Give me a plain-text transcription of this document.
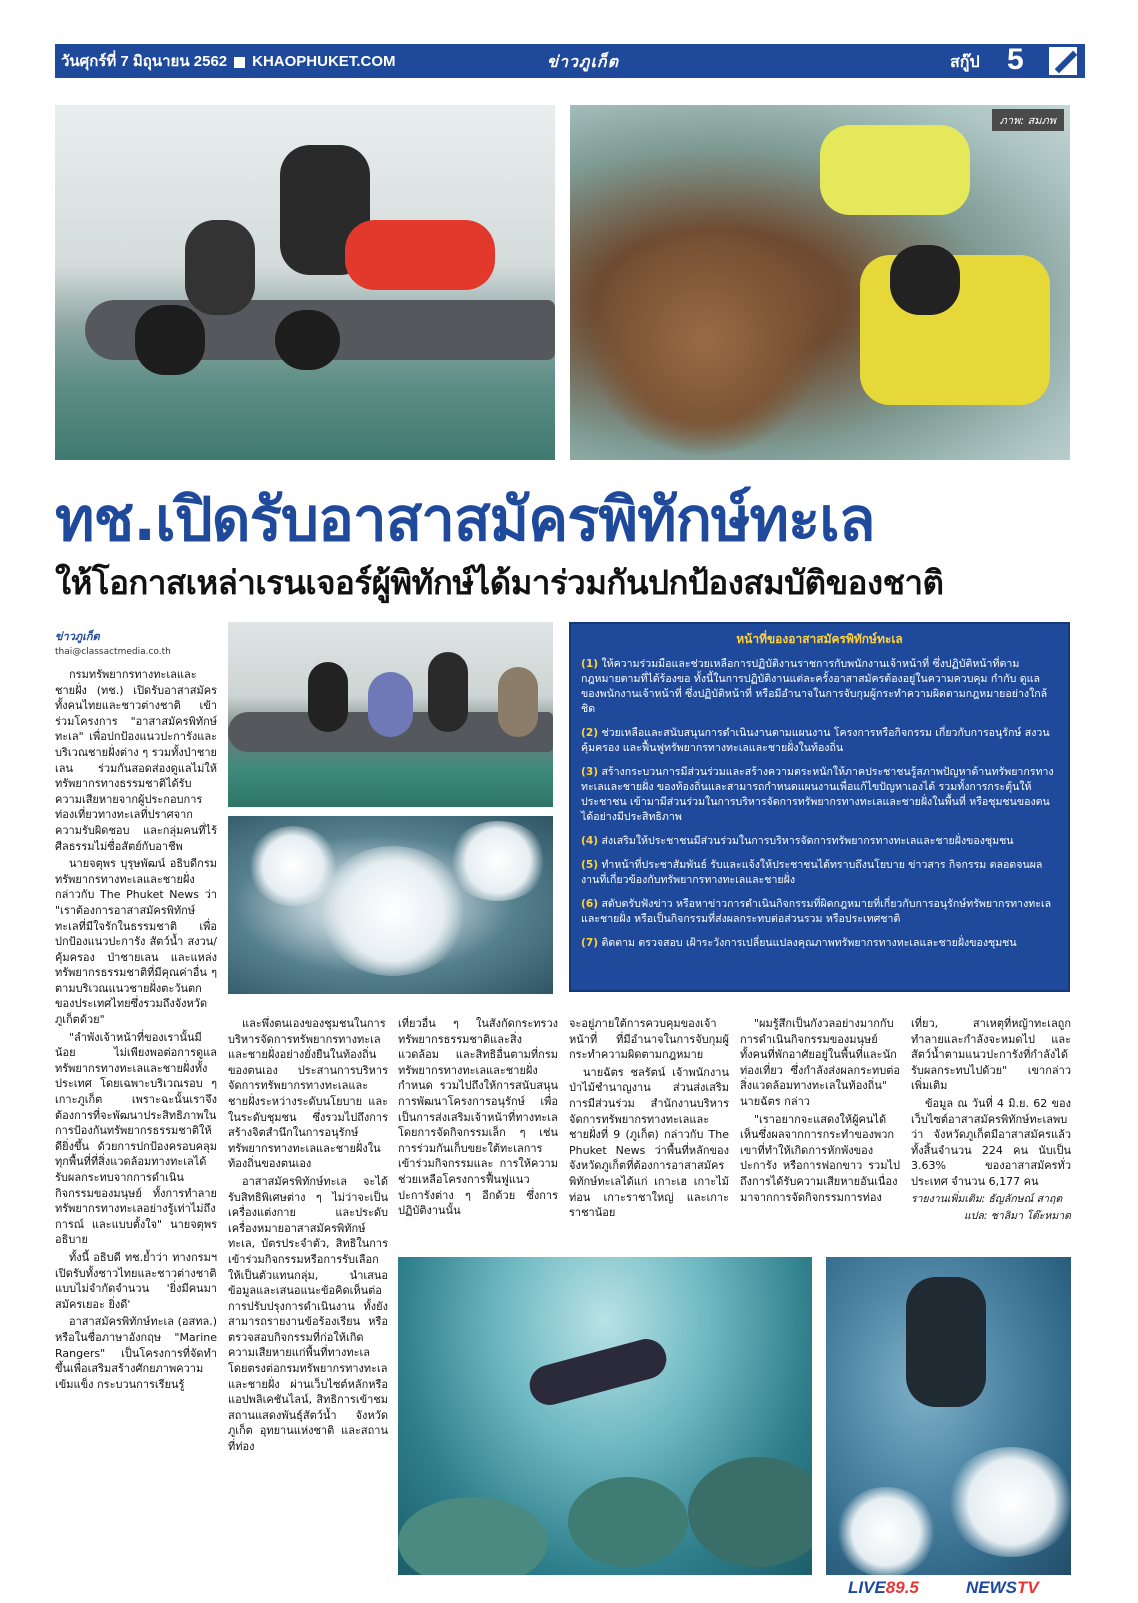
วันศุกร์ที่ 7 มิถุนายน 2562 KHAOPHUKET.COM	ข่าวภูเก็ต	สกู๊ป 5
ภาพ: สมภพ
ทช.เปิดรับอาสาสมัครพิทักษ์ทะเล
ให้โอกาสเหล่าเรนเจอร์ผู้พิทักษ์ได้มาร่วมกันปกป้องสมบัติของชาติ
ข่าวภูเก็ต
thai@classactmedia.co.th

กรมทรัพยากรทางทะเลและชายฝั่ง (ทช.) เปิดรับอาสาสมัครทั้งคนไทยและชาวต่างชาติ เข้าร่วมโครงการ "อาสาสมัครพิทักษ์ทะเล" เพื่อปกป้องแนวปะการังและบริเวณชายฝั่งต่าง ๆ รวมทั้งป่าชายเลน ร่วมกันสอดส่องดูแลไม่ให้ทรัพยากรทางธรรมชาติได้รับความเสียหายจากผู้ประกอบการท่องเที่ยวทางทะเลที่ปราศจากความรับผิดชอบ และกลุ่มคนที่ไร้ศีลธรรมไม่ซื่อสัตย์กับอาชีพ

นายจตุพร บุรุษพัฒน์ อธิบดีกรมทรัพยากรทางทะเลและชายฝั่ง กล่าวกับ The Phuket News ว่า "เราต้องการอาสาสมัครพิทักษ์ทะเลที่มีใจรักในธรรมชาติ เพื่อปกป้องแนวปะการัง สัตว์น้ำ สงวน/คุ้มครอง ป่าชายเลน และแหล่งทรัพยากรธรรมชาติที่มีคุณค่าอื่น ๆ ตามบริเวณแนวชายฝั่งตะวันตกของประเทศไทยซึ่งรวมถึงจังหวัดภูเก็ตด้วย"

"ลำพังเจ้าหน้าที่ของเรานั้นมีน้อย ไม่เพียงพอต่อการดูแลทรัพยากรทางทะเลและชายฝั่งทั้งประเทศ โดยเฉพาะบริเวณรอบ ๆ เกาะภูเก็ต เพราะฉะนั้นเราจึงต้องการที่จะพัฒนาประสิทธิภาพในการป้องกันทรัพยากรธรรมชาติให้ดียิ่งขึ้น ด้วยการปกป้องครอบคลุมทุกพื้นที่ที่สิ่งแวดล้อมทางทะเลได้รับผลกระทบจากการดำเนินกิจกรรมของมนุษย์ ทั้งการทำลายทรัพยากรทางทะเลอย่างรู้เท่าไม่ถึงการณ์ และแบบตั้งใจ" นายจตุพร อธิบาย

ทั้งนี้ อธิบดี ทช.ย้ำว่า ทางกรมฯ เปิดรับทั้งชาวไทยและชาวต่างชาติแบบไม่จำกัดจำนวน 'ยิ่งมีคนมาสมัครเยอะ ยิ่งดี'

อาสาสมัครพิทักษ์ทะเล (อสทล.) หรือในชื่อภาษาอังกฤษ "Marine Rangers" เป็นโครงการที่จัดทำขึ้นเพื่อเสริมสร้างศักยภาพความเข้มแข็ง กระบวนการเรียนรู้

หน้าที่ของอาสาสมัครพิทักษ์ทะเล
(1) ให้ความร่วมมือและช่วยเหลือการปฏิบัติงานราชการกับพนักงานเจ้าหน้าที่ ซึ่งปฏิบัติหน้าที่ตามกฎหมายตามที่ได้ร้องขอ ทั้งนี้ในการปฏิบัติงานแต่ละครั้งอาสาสมัครต้องอยู่ในความควบคุม กำกับ ดูแลของพนักงานเจ้าหน้าที่ ซึ่งปฏิบัติหน้าที่ หรือมีอำนาจในการจับกุมผู้กระทำความผิดตามกฎหมายอย่างใกล้ชิด
(2) ช่วยเหลือและสนับสนุนการดำเนินงานตามแผนงาน โครงการหรือกิจกรรม เกี่ยวกับการอนุรักษ์ สงวน คุ้มครอง และฟื้นฟูทรัพยากรทางทะเลและชายฝั่งในท้องถิ่น
(3) สร้างกระบวนการมีส่วนร่วมและสร้างความตระหนักให้ภาคประชาชนรู้สภาพปัญหาด้านทรัพยากรทางทะเลและชายฝั่ง ของท้องถิ่นและสามารถกำหนดแผนงานเพื่อแก้ไขปัญหาเองได้ รวมทั้งการกระตุ้นให้ประชาชน เข้ามามีส่วนร่วมในการบริหารจัดการทรัพยากรทางทะเลและชายฝั่งในพื้นที่ หรือชุมชนของตนได้อย่างมีประสิทธิภาพ
(4) ส่งเสริมให้ประชาชนมีส่วนร่วมในการบริหารจัดการทรัพยากรทางทะเลและชายฝั่งของชุมชน
(5) ทำหน้าที่ประชาสัมพันธ์ รับและแจ้งให้ประชาชนได้ทราบถึงนโยบาย ข่าวสาร กิจกรรม ตลอดจนผลงานที่เกี่ยวข้องกับทรัพยากรทางทะเลและชายฝั่ง
(6) สดับตรับฟังข่าว หรือหาข่าวการดำเนินกิจกรรมที่ผิดกฎหมายที่เกี่ยวกับการอนุรักษ์ทรัพยากรทางทะเลและชายฝั่ง หรือเป็นกิจกรรมที่ส่งผลกระทบต่อส่วนรวม หรือประเทศชาติ
(7) ติดตาม ตรวจสอบ เฝ้าระวังการเปลี่ยนแปลงคุณภาพทรัพยากรทางทะเลและชายฝั่งของชุมชน

และพึ่งตนเองของชุมชนในการบริหารจัดการทรัพยากรทางทะเลและชายฝั่งอย่างยั่งยืนในท้องถิ่นของตนเอง ประสานการบริหารจัดการทรัพยากรทางทะเลและชายฝั่งระหว่างระดับนโยบาย และในระดับชุมชน ซึ่งรวมไปถึงการสร้างจิตสำนึกในการอนุรักษ์ทรัพยากรทางทะเลและชายฝั่งในท้องถิ่นของตนเอง

อาสาสมัครพิทักษ์ทะเล จะได้รับสิทธิพิเศษต่าง ๆ ไม่ว่าจะเป็นเครื่องแต่งกาย และประดับเครื่องหมายอาสาสมัครพิทักษ์ทะเล, บัตรประจำตัว, สิทธิในการเข้าร่วมกิจกรรมหรือการรับเลือกให้เป็นตัวแทนกลุ่ม, นำเสนอข้อมูลและเสนอแนะข้อคิดเห็นต่อการปรับปรุงการดำเนินงาน ทั้งยังสามารถรายงานข้อร้องเรียน หรือตรวจสอบกิจกรรมที่ก่อให้เกิดความเสียหายแก่พื้นที่ทางทะเลโดยตรงต่อกรมทรัพยากรทางทะเลและชายฝั่ง ผ่านเว็บไซต์หลักหรือแอปพลิเคชันไลน์, สิทธิการเข้าชมสถานแสดงพันธุ์สัตว์น้ำ จังหวัดภูเก็ต อุทยานแห่งชาติ และสถานที่ท่อง

เที่ยวอื่น ๆ ในสังกัดกระทรวงทรัพยากรธรรมชาติและสิ่งแวดล้อม และสิทธิอื่นตามที่กรมทรัพยากรทางทะเลและชายฝั่งกำหนด รวมไปถึงให้การสนับสนุนการพัฒนาโครงการอนุรักษ์ เพื่อเป็นการส่งเสริมเจ้าหน้าที่ทางทะเล โดยการจัดกิจกรรมเล็ก ๆ เช่น การร่วมกันเก็บขยะใต้ทะเลการเข้าร่วมกิจกรรมและ การให้ความช่วยเหลือโครงการฟื้นฟูแนวปะการังต่าง ๆ อีกด้วย ซึ่งการปฏิบัติงานนั้น

จะอยู่ภายใต้การควบคุมของเจ้าหน้าที่ ที่มีอำนาจในการจับกุมผู้กระทำความผิดตามกฎหมาย

นายฉัตร ชลรัตน์ เจ้าพนักงานป่าไม้ชำนาญงาน ส่วนส่งเสริมการมีส่วนร่วม สำนักงานบริหารจัดการทรัพยากรทางทะเลและชายฝั่งที่ 9 (ภูเก็ต) กล่าวกับ The Phuket News ว่าพื้นที่หลักของจังหวัดภูเก็ตที่ต้องการอาสาสมัครพิทักษ์ทะเลได้แก่ เกาะเฮ เกาะไม้ท่อน เกาะราชาใหญ่ และเกาะราชาน้อย

"ผมรู้สึกเป็นกังวลอย่างมากกับการดำเนินกิจกรรมของมนุษย์ทั้งคนที่พักอาศัยอยู่ในพื้นที่และนักท่องเที่ยว ซึ่งกำลังส่งผลกระทบต่อสิ่งแวดล้อมทางทะเลในท้องถิ่น" นายฉัตร กล่าว

"เราอยากจะแสดงให้ผู้คนได้เห็นซึ่งผลจากการกระทำของพวกเขาที่ทำให้เกิดการหักพังของปะการัง หรือการฟอกขาว รวมไปถึงการได้รับความเสียหายอันเนื่องมาจากการจัดกิจกรรมการท่อง

เที่ยว, สาเหตุที่หญ้าทะเลถูกทำลายและกำลังจะหมดไป และสัตว์น้ำตามแนวปะการังที่กำลังได้รับผลกระทบไปด้วย" เขากล่าวเพิ่มเติม

ข้อมูล ณ วันที่ 4 มิ.ย. 62 ของเว็บไซต์อาสาสมัครพิทักษ์ทะเลพบว่า จังหวัดภูเก็ตมีอาสาสมัครแล้วทั้งสิ้นจำนวน 224 คน นับเป็น 3.63% ของอาสาสมัครทั่วประเทศ จำนวน 6,177 คน

รายงานเพิ่มเติม: ธัญลักษณ์ สาฤต

แปล: ชาลิมา โต๊ะหมาด

LIVE89.5	NEWSTV
